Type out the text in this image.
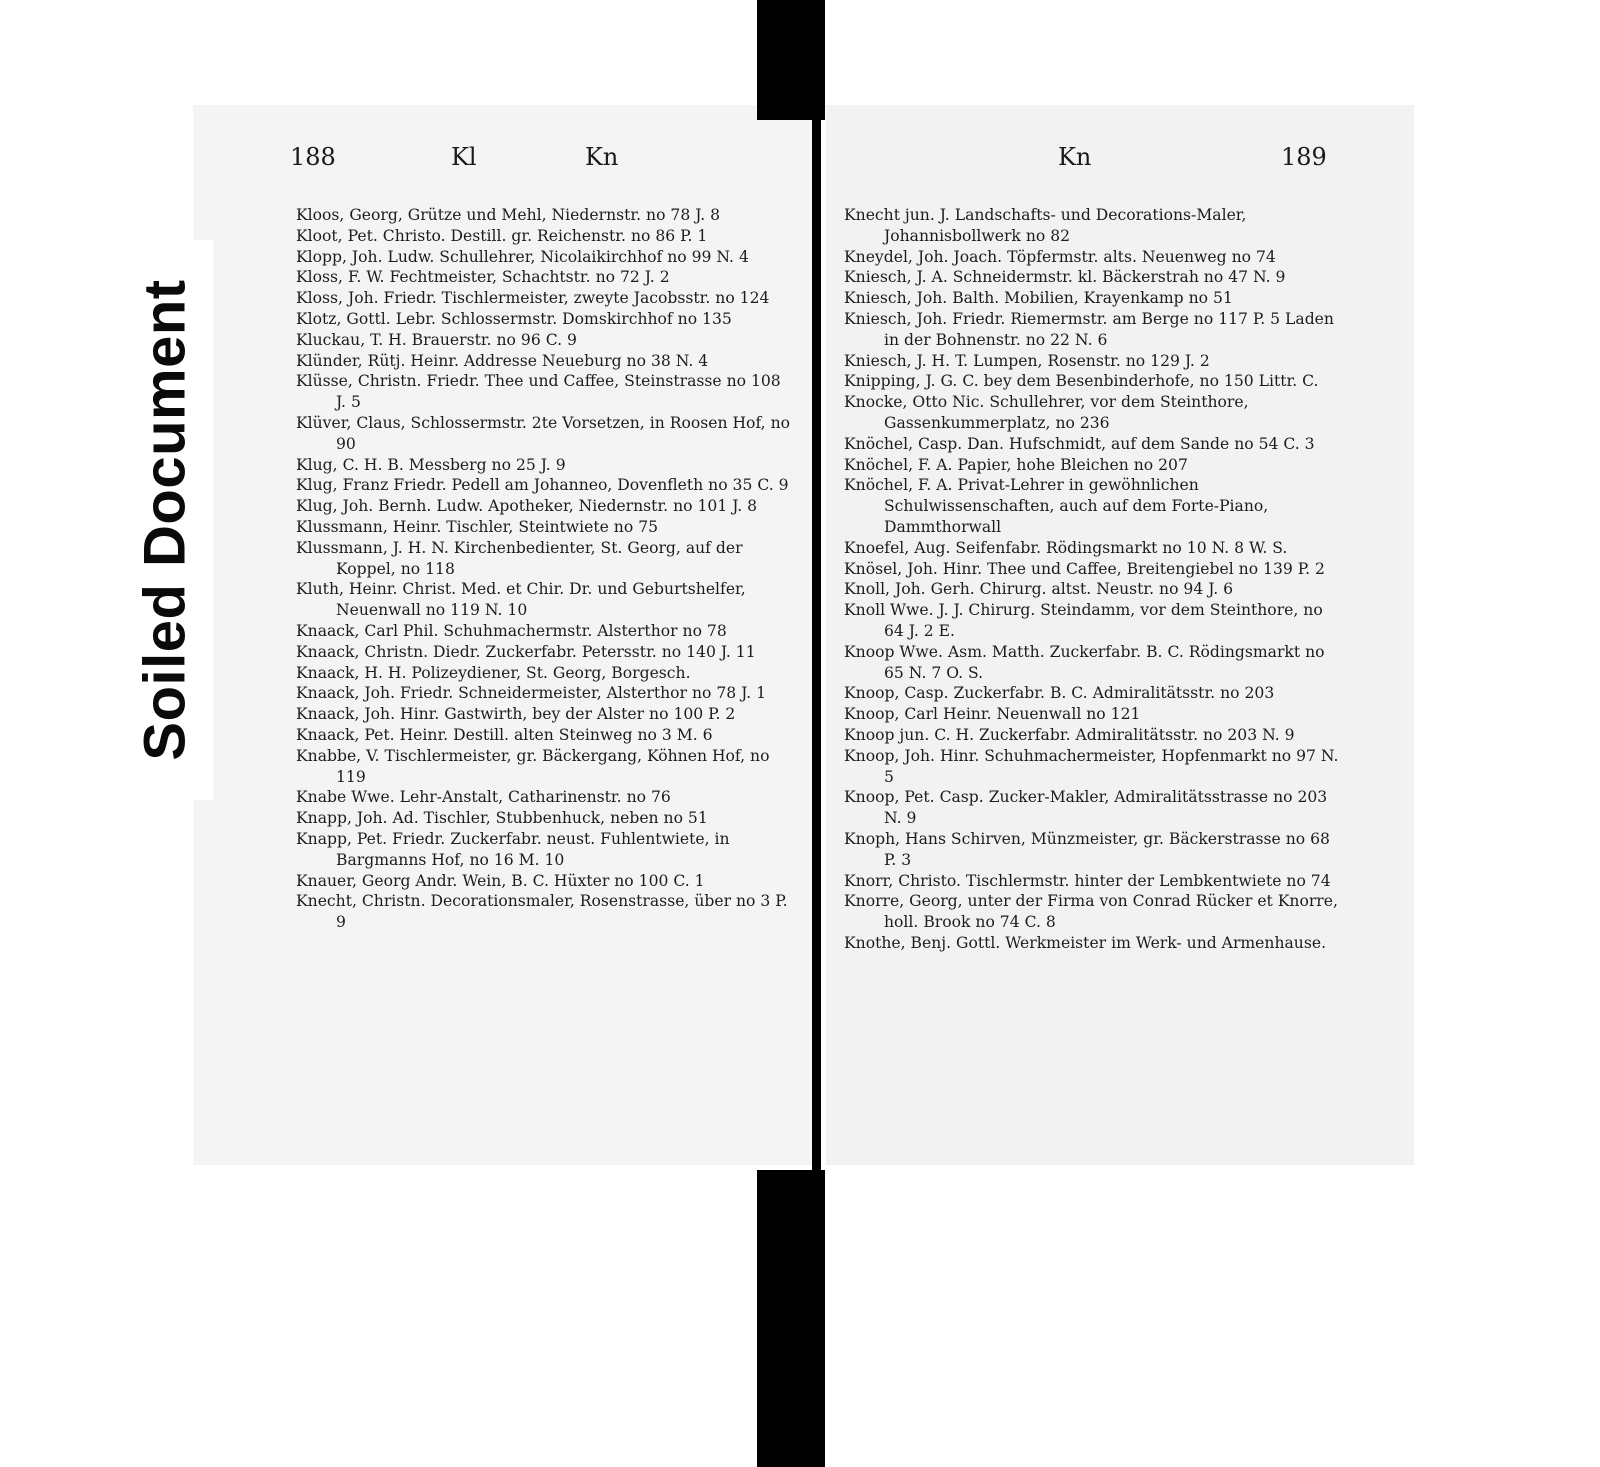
188	Kl	Kn

Kloos, Georg, Grütze und Mehl, Niedernstr. no 78 J. 8

Kloot, Pet. Christo. Destill. gr. Reichenstr. no 86 P. 1

Klopp, Joh. Ludw. Schullehrer, Nicolaikirchhof no 99 N. 4

Kloss, F. W. Fechtmeister, Schachtstr. no 72 J. 2

Kloss, Joh. Friedr. Tischlermeister, zweyte Jacobsstr. no 124

Klotz, Gottl. Lebr. Schlossermstr. Domskirchhof no 135

Kluckau, T. H. Brauerstr. no 96 C. 9

Klünder, Rütj. Heinr. Addresse Neueburg no 38 N. 4

Klüsse, Christn. Friedr. Thee und Caffee, Steinstrasse no 108 J. 5

Klüver, Claus, Schlossermstr. 2te Vorsetzen, in Roosen Hof, no 90

Klug, C. H. B. Messberg no 25 J. 9

Klug, Franz Friedr. Pedell am Johanneo, Dovenfleth no 35 C. 9

Klug, Joh. Bernh. Ludw. Apotheker, Niedernstr. no 101 J. 8

Klussmann, Heinr. Tischler, Steintwiete no 75

Klussmann, J. H. N. Kirchenbedienter, St. Georg, auf der Koppel, no 118

Kluth, Heinr. Christ. Med. et Chir. Dr. und Geburtshelfer, Neuenwall no 119 N. 10

Knaack, Carl Phil. Schuhmachermstr. Alsterthor no 78

Knaack, Christn. Diedr. Zuckerfabr. Petersstr. no 140 J. 11

Knaack, H. H. Polizeydiener, St. Georg, Borgesch.

Knaack, Joh. Friedr. Schneidermeister, Alsterthor no 78 J. 1

Knaack, Joh. Hinr. Gastwirth, bey der Alster no 100 P. 2

Knaack, Pet. Heinr. Destill. alten Steinweg no 3 M. 6

Knabbe, V. Tischlermeister, gr. Bäckergang, Köhnen Hof, no 119

Knabe Wwe. Lehr-Anstalt, Catharinenstr. no 76

Knapp, Joh. Ad. Tischler, Stubbenhuck, neben no 51

Knapp, Pet. Friedr. Zuckerfabr. neust. Fuhlentwiete, in Bargmanns Hof, no 16 M. 10

Knauer, Georg Andr. Wein, B. C. Hüxter no 100 C. 1

Knecht, Christn. Decorationsmaler, Rosenstrasse, über no 3 P. 9

Kn	189

Knecht jun. J. Landschafts- und Decorations-Maler, Johannisbollwerk no 82

Kneydel, Joh. Joach. Töpfermstr. alts. Neuenweg no 74

Kniesch, J. A. Schneidermstr. kl. Bäckerstrah no 47 N. 9

Kniesch, Joh. Balth. Mobilien, Krayenkamp no 51

Kniesch, Joh. Friedr. Riemermstr. am Berge no 117 P. 5 Laden in der Bohnenstr. no 22 N. 6

Kniesch, J. H. T. Lumpen, Rosenstr. no 129 J. 2

Knipping, J. G. C. bey dem Besenbinderhofe, no 150 Littr. C.

Knocke, Otto Nic. Schullehrer, vor dem Steinthore, Gassenkummerplatz, no 236

Knöchel, Casp. Dan. Hufschmidt, auf dem Sande no 54 C. 3

Knöchel, F. A. Papier, hohe Bleichen no 207

Knöchel, F. A. Privat-Lehrer in gewöhnlichen Schulwissenschaften, auch auf dem Forte-Piano, Dammthorwall

Knoefel, Aug. Seifenfabr. Rödingsmarkt no 10 N. 8 W. S.

Knösel, Joh. Hinr. Thee und Caffee, Breitengiebel no 139 P. 2

Knoll, Joh. Gerh. Chirurg. altst. Neustr. no 94 J. 6

Knoll Wwe. J. J. Chirurg. Steindamm, vor dem Steinthore, no 64 J. 2 E.

Knoop Wwe. Asm. Matth. Zuckerfabr. B. C. Rödingsmarkt no 65 N. 7 O. S.

Knoop, Casp. Zuckerfabr. B. C. Admiralitätsstr. no 203

Knoop, Carl Heinr. Neuenwall no 121

Knoop jun. C. H. Zuckerfabr. Admiralitätsstr. no 203 N. 9

Knoop, Joh. Hinr. Schuhmachermeister, Hopfenmarkt no 97 N. 5

Knoop, Pet. Casp. Zucker-Makler, Admiralitätsstrasse no 203 N. 9

Knoph, Hans Schirven, Münzmeister, gr. Bäckerstrasse no 68 P. 3

Knorr, Christo. Tischlermstr. hinter der Lembkentwiete no 74

Knorre, Georg, unter der Firma von Conrad Rücker et Knorre, holl. Brook no 74 C. 8

Knothe, Benj. Gottl. Werkmeister im Werk- und Armenhause.

Soiled Document
